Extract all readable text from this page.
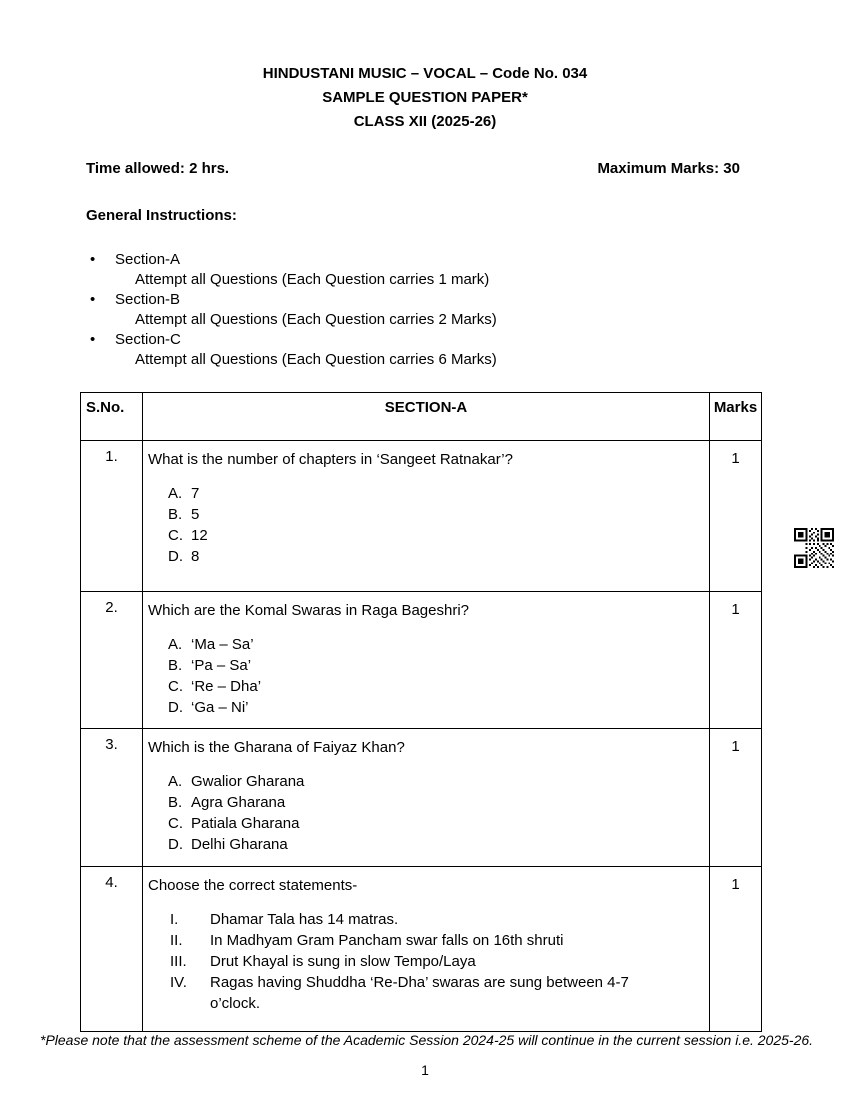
HINDUSTANI MUSIC – VOCAL – Code No. 034
SAMPLE QUESTION PAPER*
CLASS XII (2025-26)
Time allowed: 2 hrs.	Maximum Marks: 30
General Instructions:
•	Section-A
Attempt all Questions (Each Question carries 1 mark)
•	Section-B
Attempt all Questions (Each Question carries 2 Marks)
•	Section-C
Attempt all Questions (Each Question carries 6 Marks)
S.No.	SECTION-A	Marks
1.	What is the number of chapters in ‘Sangeet Ratnakar’?
A. 7
B. 5
C. 12
D. 8
	1
2.	Which are the Komal Swaras in Raga Bageshri?
A. ‘Ma – Sa’
B. ‘Pa – Sa’
C. ‘Re – Dha’
D. ‘Ga – Ni’
	1
3.	Which is the Gharana of Faiyaz Khan?
A. Gwalior Gharana
B. Agra Gharana
C. Patiala Gharana
D. Delhi Gharana
	1
4.	Choose the correct statements-
I.	Dhamar Tala has 14 matras.
II.	In Madhyam Gram Pancham swar falls on 16th shruti
III.	Drut Khayal is sung in slow Tempo/Laya
IV.	Ragas having Shuddha ‘Re-Dha’ swaras are sung between 4-7 o’clock.
	1
*Please note that the assessment scheme of the Academic Session 2024-25 will continue in the current session i.e. 2025-26.
1
